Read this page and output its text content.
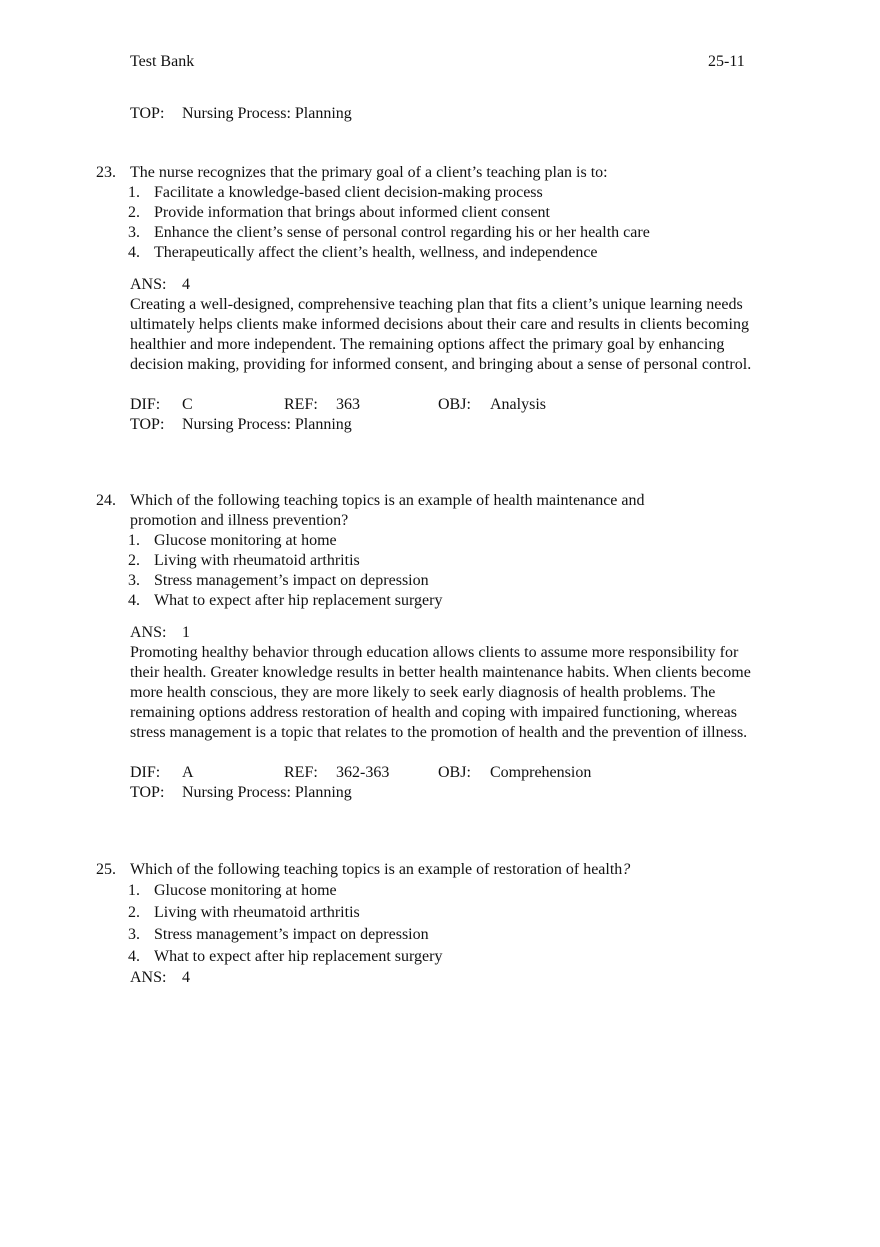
Test Bank	25-11
TOP: Nursing Process: Planning
23. The nurse recognizes that the primary goal of a client’s teaching plan is to:
1. Facilitate a knowledge-based client decision-making process
2. Provide information that brings about informed client consent
3. Enhance the client’s sense of personal control regarding his or her health care
4. Therapeutically affect the client’s health, wellness, and independence
ANS: 4
Creating a well-designed, comprehensive teaching plan that fits a client’s unique learning needs ultimately helps clients make informed decisions about their care and results in clients becoming healthier and more independent. The remaining options affect the primary goal by enhancing decision making, providing for informed consent, and bringing about a sense of personal control.
DIF: C	REF: 363	OBJ: Analysis
TOP: Nursing Process: Planning
24. Which of the following teaching topics is an example of health maintenance and promotion and illness prevention?
1. Glucose monitoring at home
2. Living with rheumatoid arthritis
3. Stress management’s impact on depression
4. What to expect after hip replacement surgery
ANS: 1
Promoting healthy behavior through education allows clients to assume more responsibility for their health. Greater knowledge results in better health maintenance habits. When clients become more health conscious, they are more likely to seek early diagnosis of health problems. The remaining options address restoration of health and coping with impaired functioning, whereas stress management is a topic that relates to the promotion of health and the prevention of illness.
DIF: A	REF: 362-363	OBJ: Comprehension
TOP: Nursing Process: Planning
25. Which of the following teaching topics is an example of restoration of health?
1. Glucose monitoring at home
2. Living with rheumatoid arthritis
3. Stress management’s impact on depression
4. What to expect after hip replacement surgery
ANS: 4
